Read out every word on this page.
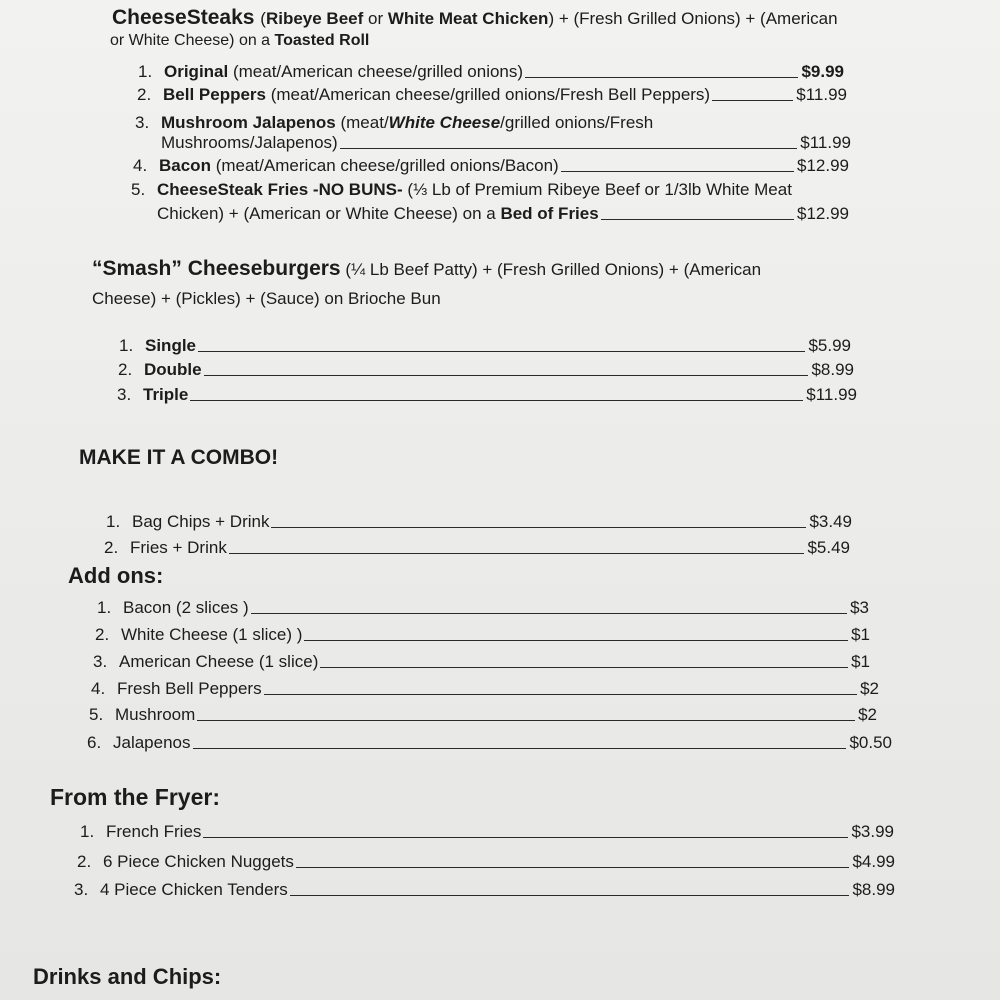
CheeseSteaks (Ribeye Beef or White Meat Chicken) + (Fresh Grilled Onions) + (American
or White Cheese) on a Toasted Roll
1. Original (meat/American cheese/grilled onions)	$9.99
2. Bell Peppers (meat/American cheese/grilled onions/Fresh Bell Peppers)	$11.99
3. Mushroom Jalapenos (meat/White Cheese/grilled onions/Fresh
Mushrooms/Jalapenos)	$11.99
4. Bacon (meat/American cheese/grilled onions/Bacon)	$12.99
5. CheeseSteak Fries -NO BUNS- (⅓ Lb of Premium Ribeye Beef or 1/3lb White Meat
Chicken) + (American or White Cheese) on a Bed of Fries	$12.99
“Smash” Cheeseburgers (¼ Lb Beef Patty) + (Fresh Grilled Onions) + (American
Cheese) + (Pickles) + (Sauce) on Brioche Bun
1. Single	$5.99
2. Double	$8.99
3. Triple	$11.99
MAKE IT A COMBO!
1. Bag Chips + Drink	$3.49
2. Fries + Drink	$5.49
Add ons:
1. Bacon (2 slices )	$3
2. White Cheese (1 slice) )	$1
3. American Cheese (1 slice)	$1
4. Fresh Bell Peppers	$2
5. Mushroom	$2
6. Jalapenos	$0.50
From the Fryer:
1. French Fries	$3.99
2. 6 Piece Chicken Nuggets	$4.99
3. 4 Piece Chicken Tenders	$8.99
Drinks and Chips:
